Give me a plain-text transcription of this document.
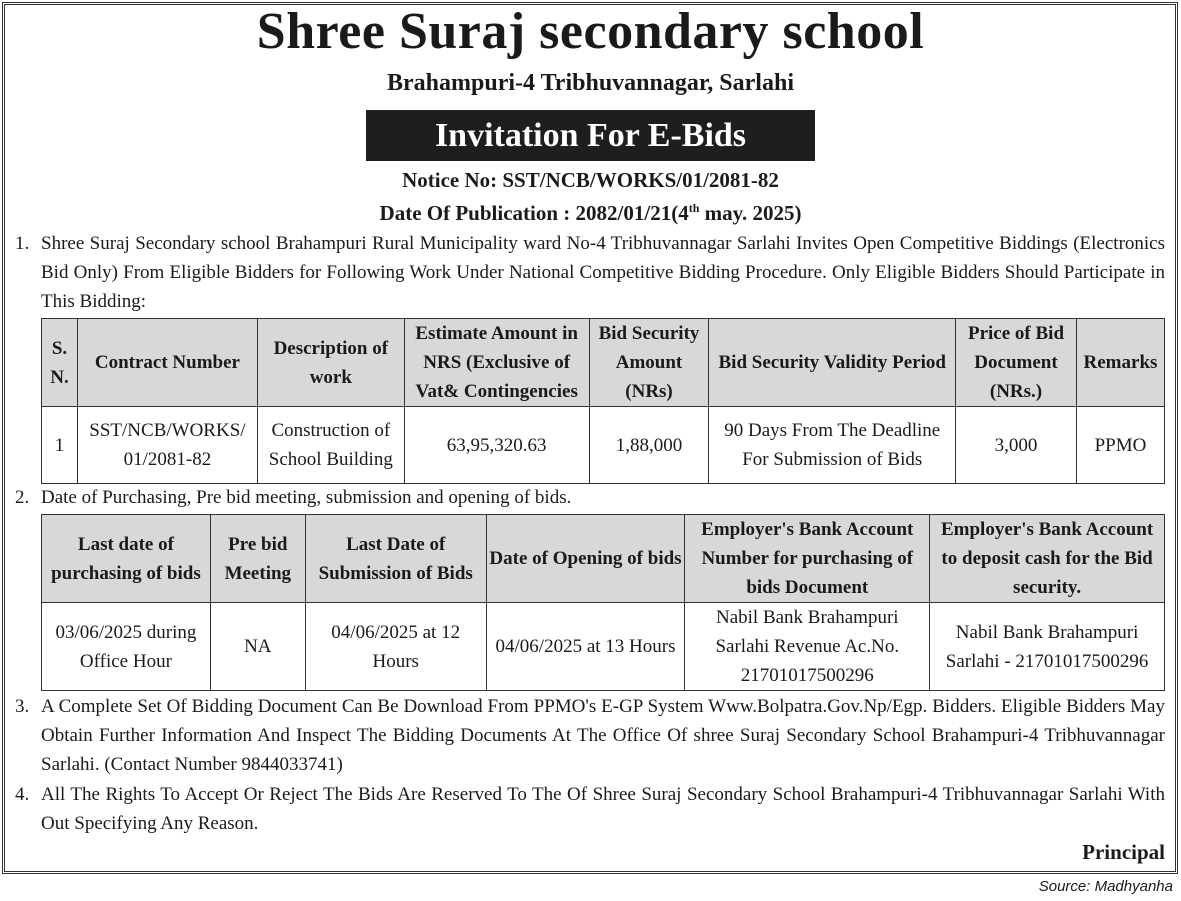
Shree Suraj secondary school
Brahampuri-4 Tribhuvannagar, Sarlahi
Invitation For E-Bids
Notice No: SST/NCB/WORKS/01/2081-82
Date Of Publication : 2082/01/21(4th may. 2025)
1. Shree Suraj Secondary school Brahampuri Rural Municipality ward No-4 Tribhuvannagar Sarlahi Invites Open Competitive Biddings (Electronics Bid Only) From Eligible Bidders for Following Work Under National Competitive Bidding Procedure. Only Eligible Bidders Should Participate in This Bidding:
S. N.	Contract Number	Description of work	Estimate Amount in NRS (Exclusive of Vat& Contingencies	Bid Security Amount (NRs)	Bid Security Validity Period	Price of Bid Document (NRs.)	Remarks
1	SST/NCB/WORKS/ 01/2081-82	Construction of School Building	63,95,320.63	1,88,000	90 Days From The Deadline For Submission of Bids	3,000	PPMO
2. Date of Purchasing, Pre bid meeting, submission and opening of bids.
Last date of purchasing of bids	Pre bid Meeting	Last Date of Submission of Bids	Date of Opening of bids	Employer's Bank Account Number for purchasing of bids Document	Employer's Bank Account to deposit cash for the Bid security.
03/06/2025 during Office Hour	NA	04/06/2025 at 12 Hours	04/06/2025 at 13 Hours	Nabil Bank Brahampuri Sarlahi Revenue Ac.No. 21701017500296	Nabil Bank Brahampuri Sarlahi - 21701017500296
3. A Complete Set Of Bidding Document Can Be Download From PPMO's E-GP System Www.Bolpatra.Gov.Np/Egp. Bidders. Eligible Bidders May Obtain Further Information And Inspect The Bidding Documents At The Office Of shree Suraj Secondary School Brahampuri-4 Tribhuvannagar Sarlahi. (Contact Number 9844033741)
4. All The Rights To Accept Or Reject The Bids Are Reserved To The Of Shree Suraj Secondary School Brahampuri-4 Tribhuvannagar Sarlahi With Out Specifying Any Reason.
Principal
Source: Madhyanha
